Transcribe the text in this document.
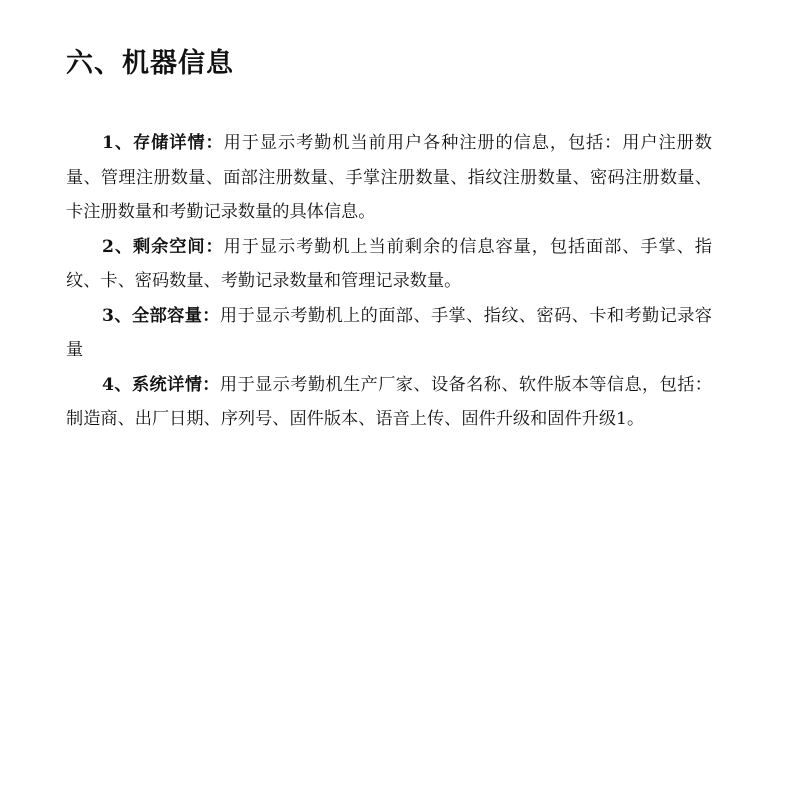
六、机器信息

1、存储详情：用于显示考勤机当前用户各种注册的信息，包括：用户注册数量、管理注册数量、面部注册数量、手掌注册数量、指纹注册数量、密码注册数量、卡注册数量和考勤记录数量的具体信息。

2、剩余空间：用于显示考勤机上当前剩余的信息容量，包括面部、手掌、指纹、卡、密码数量、考勤记录数量和管理记录数量。

3、全部容量：用于显示考勤机上的面部、手掌、指纹、密码、卡和考勤记录容量

4、系统详情：用于显示考勤机生产厂家、设备名称、软件版本等信息，包括：制造商、出厂日期、序列号、固件版本、语音上传、固件升级和固件升级1。
